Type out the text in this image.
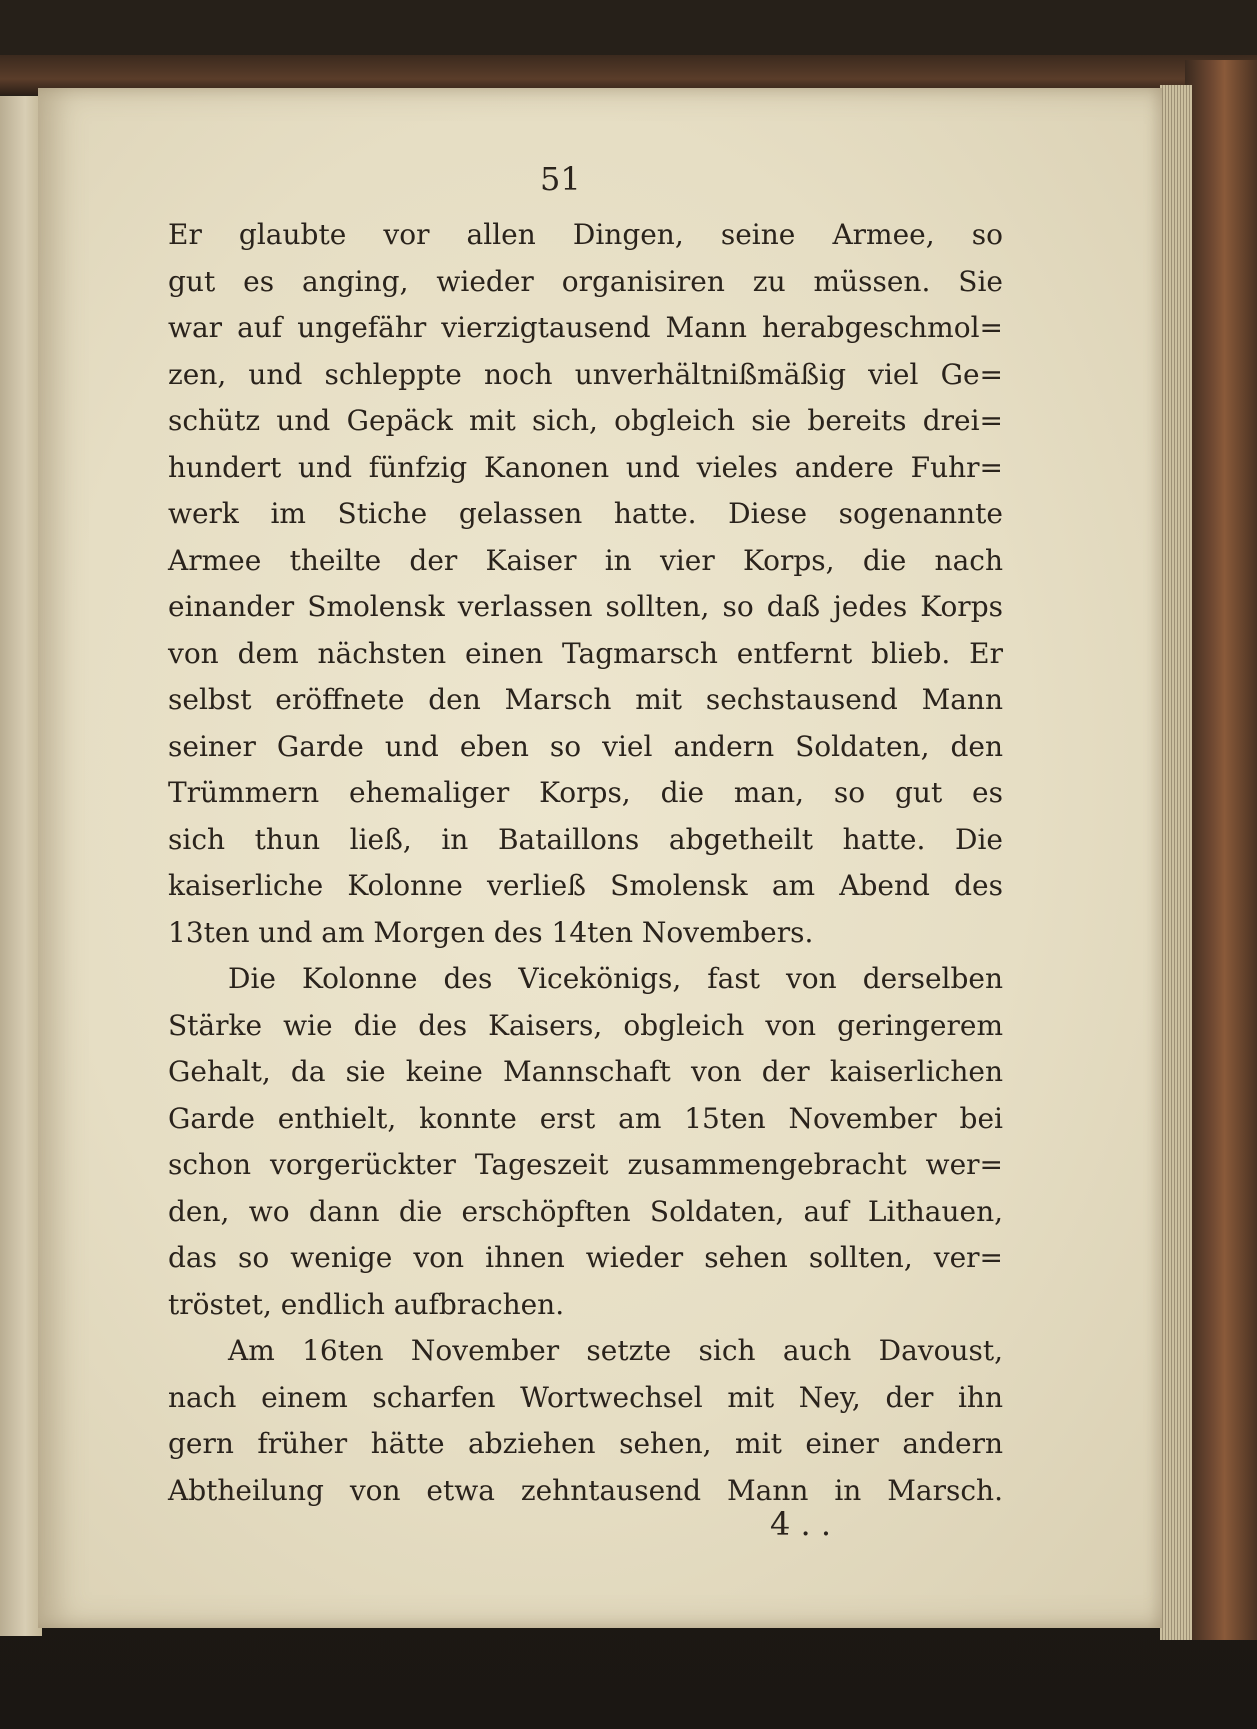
51
Er glaubte vor allen Dingen, seine Armee, so
gut es anging, wieder organisiren zu müssen. Sie
war auf ungefähr vierzigtausend Mann herabgeschmol=
zen, und schleppte noch unverhältnißmäßig viel Ge=
schütz und Gepäck mit sich, obgleich sie bereits drei=
hundert und fünfzig Kanonen und vieles andere Fuhr=
werk im Stiche gelassen hatte. Diese sogenannte
Armee theilte der Kaiser in vier Korps, die nach
einander Smolensk verlassen sollten, so daß jedes Korps
von dem nächsten einen Tagmarsch entfernt blieb. Er
selbst eröffnete den Marsch mit sechstausend Mann
seiner Garde und eben so viel andern Soldaten, den
Trümmern ehemaliger Korps, die man, so gut es
sich thun ließ, in Bataillons abgetheilt hatte. Die
kaiserliche Kolonne verließ Smolensk am Abend des
13ten und am Morgen des 14ten Novembers.
Die Kolonne des Vicekönigs, fast von derselben
Stärke wie die des Kaisers, obgleich von geringerem
Gehalt, da sie keine Mannschaft von der kaiserlichen
Garde enthielt, konnte erst am 15ten November bei
schon vorgerückter Tageszeit zusammengebracht wer=
den, wo dann die erschöpften Soldaten, auf Lithauen,
das so wenige von ihnen wieder sehen sollten, ver=
tröstet, endlich aufbrachen.
Am 16ten November setzte sich auch Davoust,
nach einem scharfen Wortwechsel mit Ney, der ihn
gern früher hätte abziehen sehen, mit einer andern
Abtheilung von etwa zehntausend Mann in Marsch.
4 . .
